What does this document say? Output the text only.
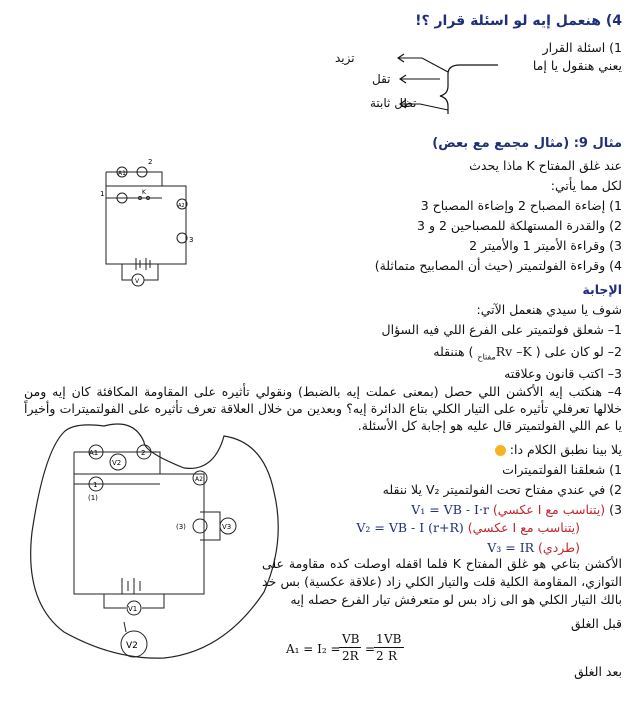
4) هنعمل إيه لو اسئلة قرار ؟!
1) اسئلة القرار
يعني هنقول يا إما
تزيد
تقل
تظل ثابتة
مثال 9: (مثال مجمع مع بعض)
عند غلق المفتاح K ماذا يحدث
لكل مما يأتي:
1) إضاءة المصباح 2 وإضاءة المصباح 3
2) والقدرة المستهلكة للمصباحين 2 و 3
3) وقراءة الأميتر 1 والأميتر 2
4) وقراءة الفولتميتر (حيث أن المصابيح متماثلة)
A1
2
1	K
A2
3
V
الإجابة
شوف يا سيدي هنعمل الآتي:
1– شعلق فولتميتر على الفرع اللي فيه السؤال
2– لو كان على ( Rv $-K_{مفتاح}$ ) هننقله
3– اكتب قانون وعلاقته
4– هنكتب إيه الأكشن اللي حصل (بمعنى عملت إيه بالضبط) ونقولي تأثيره على المقاومة المكافئة كان إيه ومن خلالها تعرفلي تأثيره على التيار الكلي بتاع الدائرة إيه؟ وبعدين من خلال العلاقة تعرف تأثيره على الفولتميترات وأخيراً يا عم اللي الفولتميتر قال عليه هو إجابة كل الأسئلة.
يلا بينا نطبق الكلام دا:
1) شعلقنا الفولتميترات
2) في عندي مفتاح تحت الفولتميتر V₂ يلا ننقله
3) (يتناسب مع I عكسي) V₁ = VB - I·r
(يتناسب مع I عكسي) V₂ = VB - I (r+R)
(طردي) V₃ = IR
الأكشن بتاعي هو غلق المفتاح K فلما اقفله اوصلت كده مقاومة على التوازي، المقاومة الكلية قلت والتيار الكلي زاد (علاقة عكسية) بس خد بالك التيار الكلي هو الى زاد بس لو متعرفش تيار الفرع حصله إيه
قبل الغلق
A₁ = I₂ =
VB
2R =
1 VB
2 R
بعد الغلق
A1	2
V2
1
(1)
A2
(3)	V3
V1
V2
